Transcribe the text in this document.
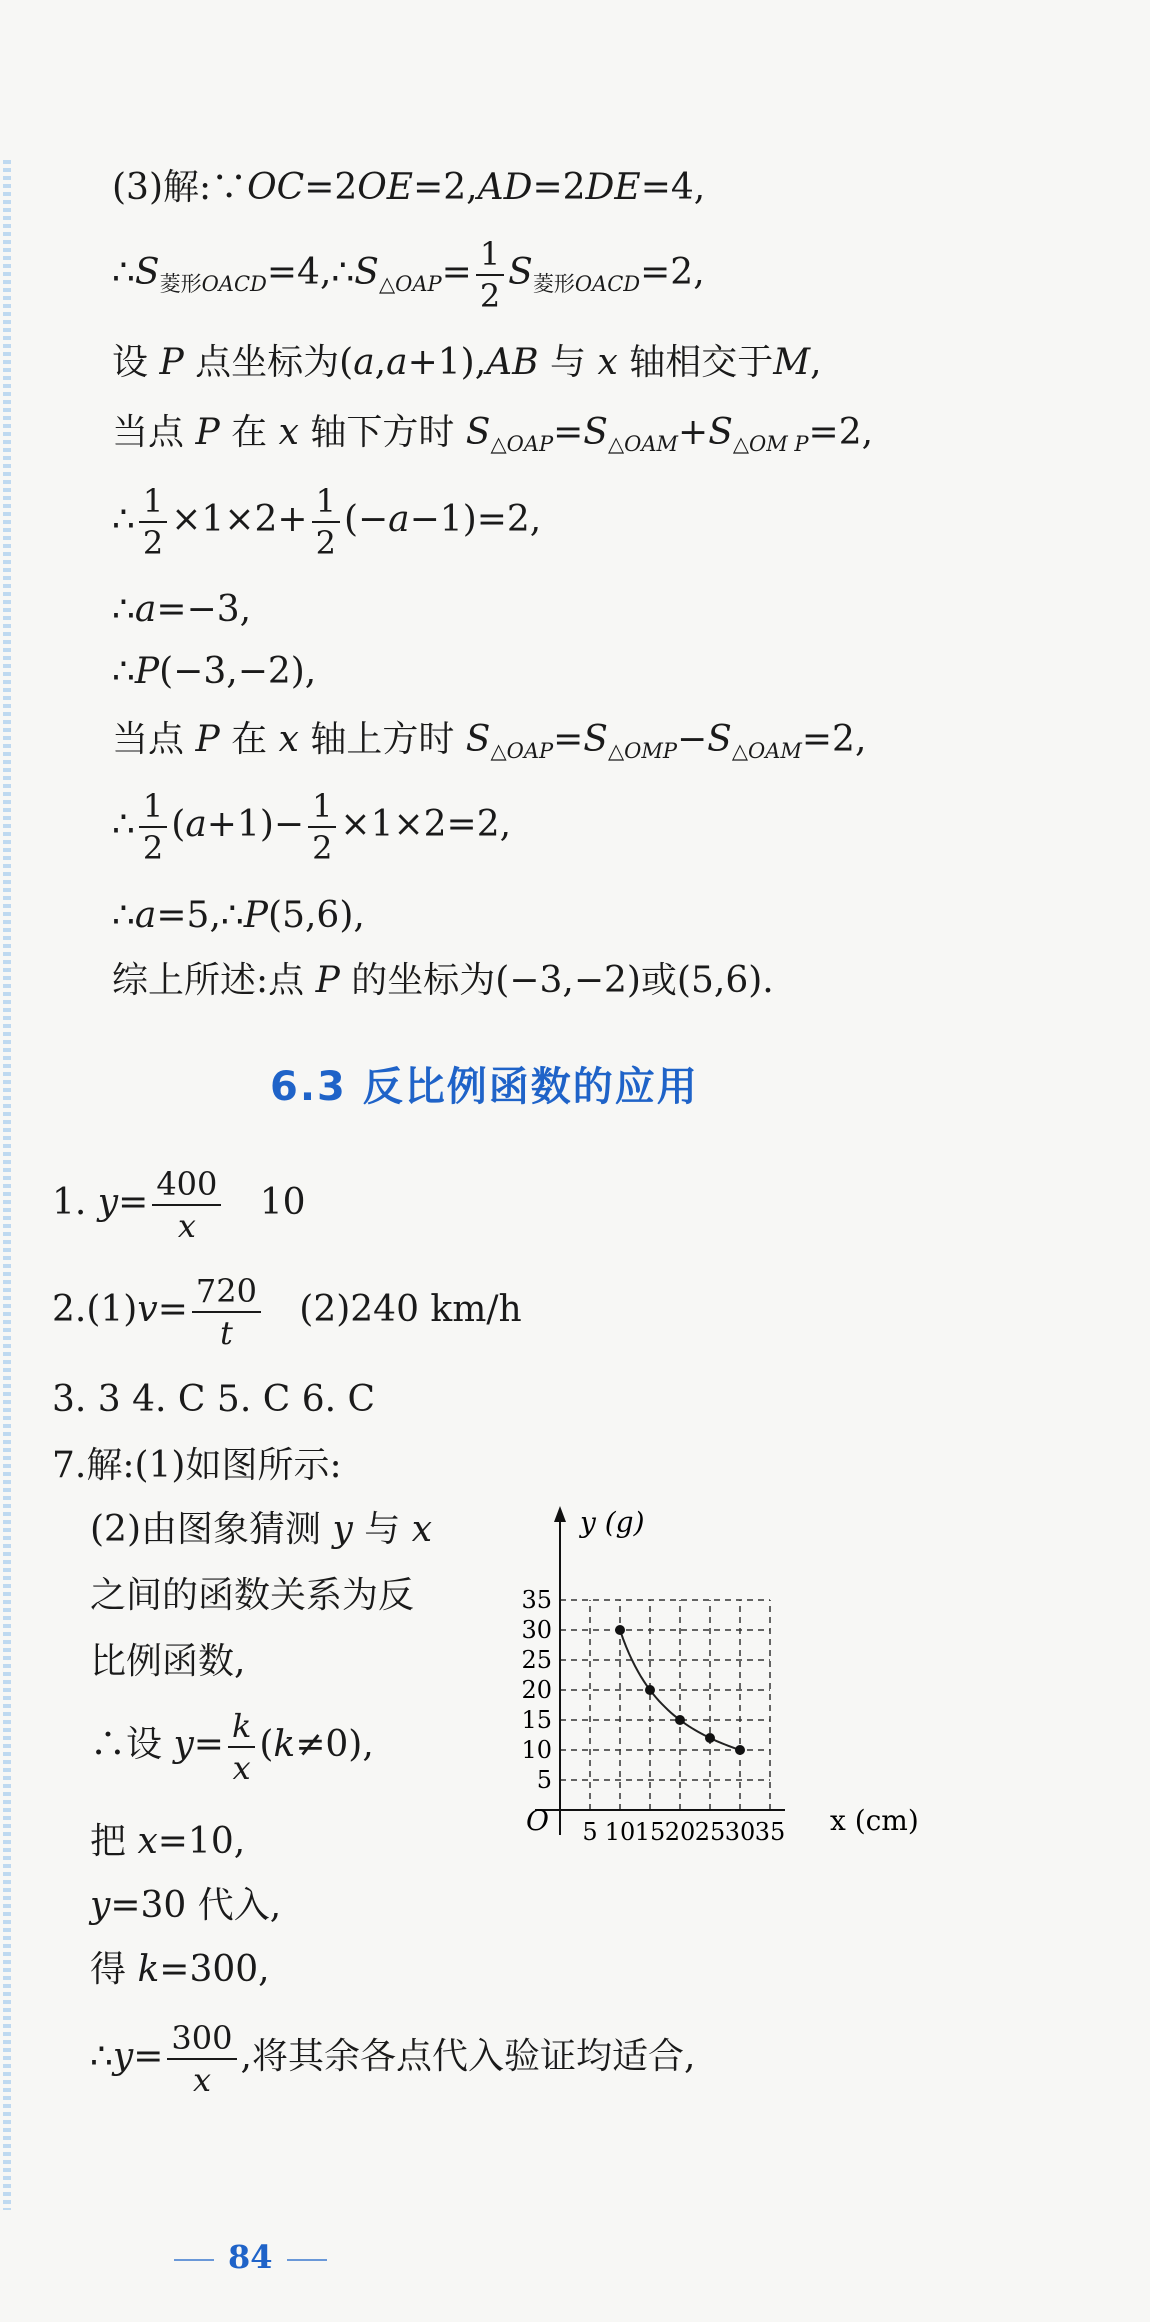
(3)解:∵OC=2OE=2,AD=2DE=4,
$\therefore S_{菱形OACD}=4,\therefore S_{\triangle OAP}= \frac{1}{2} S_{菱形OACD}=2$,
设 P 点坐标为(a,a+1),AB 与 x 轴相交于M,
当点 P 在 x 轴下方时 $S_{\triangle OAP}=S_{\triangle OAM}+S_{\triangle OM P}=2$,
∴ $\frac{1}{2} \times 1\times 2+ \frac{1}{2} (-a-1)=2$,
∴a=−3,
∴P(−3,−2),
当点 P 在 x 轴上方时 $S_{\triangle OAP}=S_{\triangle OMP}-S_{\triangle OAM}=2$,
∴ $\frac{1}{2} (a+1)- \frac{1}{2} \times 1\times 2=2$,
∴a=5,∴P(5,6),
综上所述:点 P 的坐标为(−3,−2)或(5,6).
6.3 反比例函数的应用
1. $y= \frac{400}{x} 10$
$2.(1)v= \frac{720}{t} (2)240$ km/h
3. 3 4. C 5. C 6. C
7.解:(1)如图所示:
(2)由图象猜测 y 与 x
之间的函数关系为反
比例函数,
∴设 $y= \frac{k}{x} (k\ne 0)$,
把 x=10,
y=30 代入,
得 k=300,
∴y= $\frac{300}{x}$ ,将其余各点代入验证均适合,
5 10 15 20 25 30 35
5
10
15
20
25
30
35
y (g)
x (cm)
O
84
